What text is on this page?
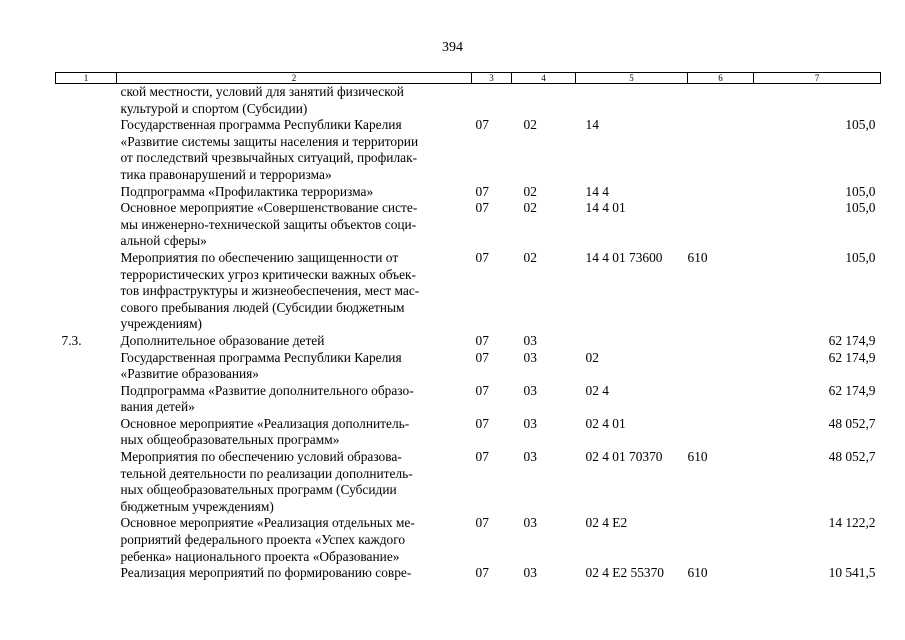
394
1	2	3	4	5	6	7

	ской местности, условий для занятий физической
культурой и спортом (Субсидии)					

	Государственная программа Республики Карелия
«Развитие системы защиты населения и территории
от последствий чрезвычайных ситуаций, профилак-
тика правонарушений и терроризма»	07	02	14		105,0

	Подпрограмма «Профилактика терроризма»	07	02	14 4		105,0

	Основное мероприятие «Совершенствование систе-
мы инженерно-технической защиты объектов соци-
альной сферы»	07	02	14 4 01		105,0

	Мероприятия по обеспечению защищенности от
террористических угроз критически важных объек-
тов инфраструктуры и жизнеобеспечения, мест мас-
сового пребывания людей (Субсидии бюджетным
учреждениям)	07	02	14 4 01 73600	610	105,0
7.3.	Дополнительное образование детей	07	03			62 174,9

	Государственная программа Республики Карелия
«Развитие образования»	07	03	02		62 174,9

	Подпрограмма «Развитие дополнительного образо-
вания детей»	07	03	02 4		62 174,9

	Основное мероприятие «Реализация дополнитель-
ных общеобразовательных программ»	07	03	02 4 01		48 052,7

	Мероприятия по обеспечению условий образова-
тельной деятельности по реализации дополнитель-
ных общеобразовательных программ (Субсидии
бюджетным учреждениям)	07	03	02 4 01 70370	610	48 052,7

	Основное мероприятие «Реализация отдельных ме-
роприятий федерального проекта «Успех каждого
ребенка» национального проекта «Образование»	07	03	02 4 E2		14 122,2

	Реализация мероприятий по формированию совре-	07	03	02 4 E2 55370	610	10 541,5
